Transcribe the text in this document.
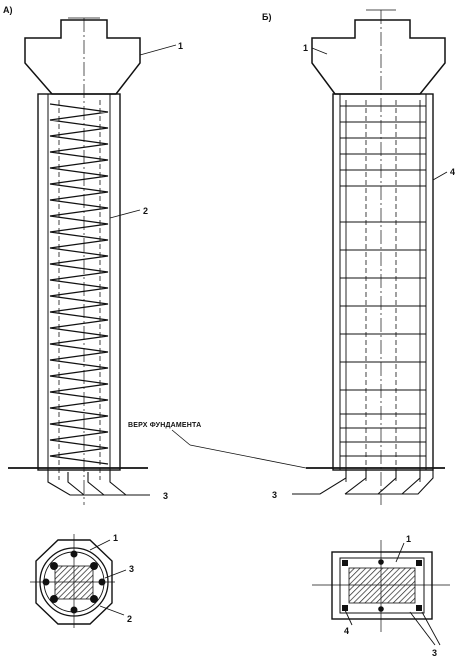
А)
3
1
2
ВЕРХ ФУНДАМЕНТА
Б)
3
1
4
1
3
2
1
4
3
